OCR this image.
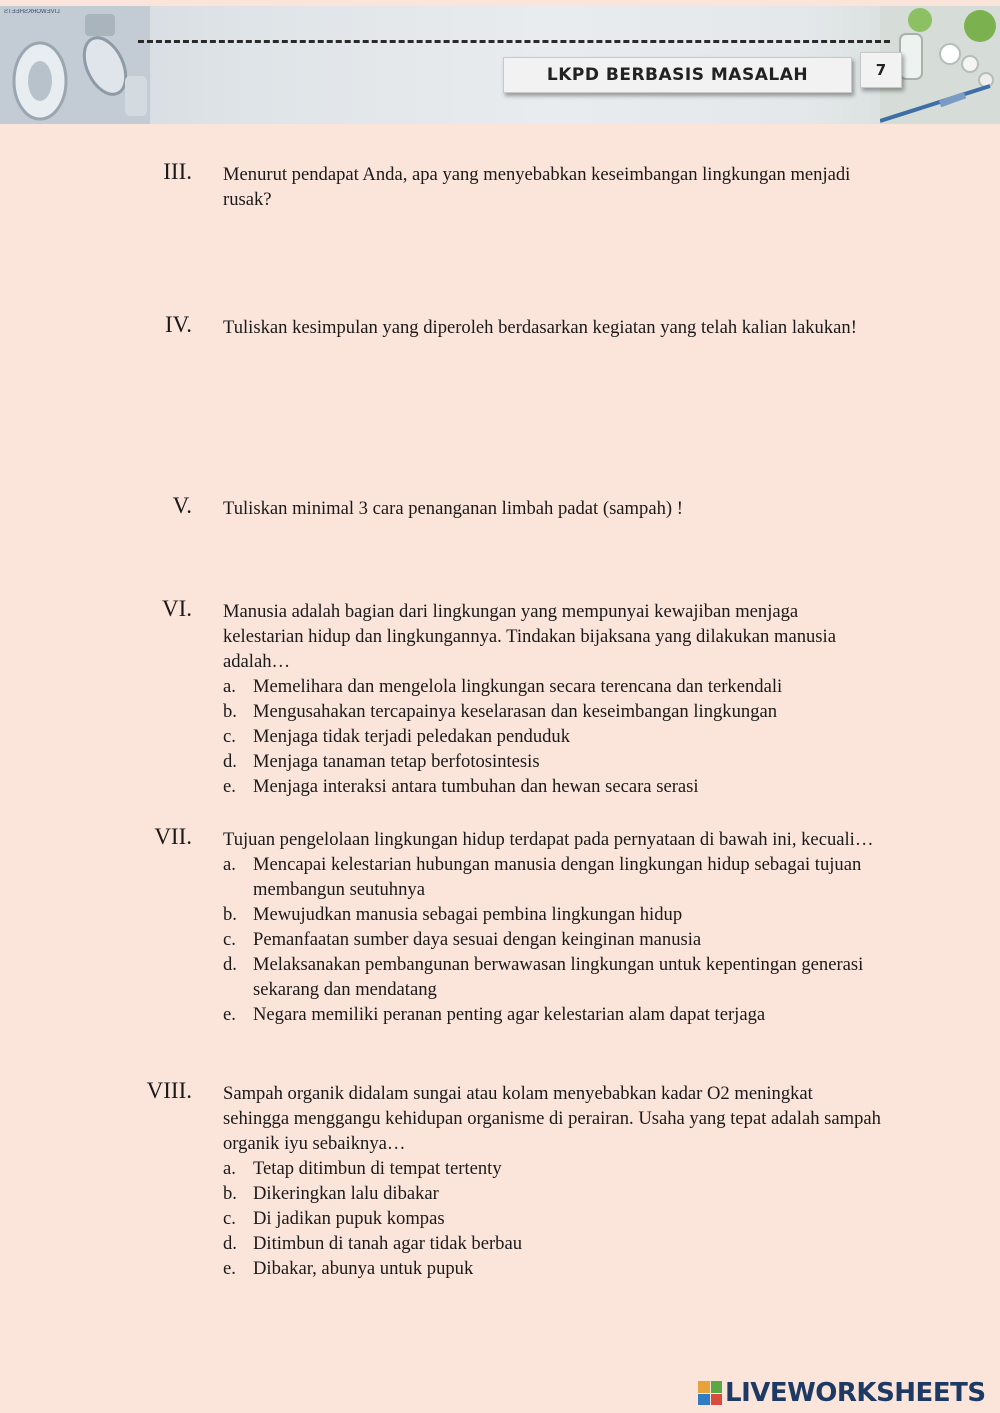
LIVEWORKSHEETS
LKPD BERBASIS MASALAH	7
III. Menurut pendapat Anda, apa yang menyebabkan keseimbangan lingkungan menjadi rusak?
IV. Tuliskan kesimpulan yang diperoleh berdasarkan kegiatan yang telah kalian lakukan!
V. Tuliskan minimal 3 cara penanganan limbah padat (sampah) !
VI. Manusia adalah bagian dari lingkungan yang mempunyai kewajiban menjaga kelestarian hidup dan lingkungannya. Tindakan bijaksana yang dilakukan manusia adalah…
a. Memelihara dan mengelola lingkungan secara terencana dan terkendali
b. Mengusahakan tercapainya keselarasan dan keseimbangan lingkungan
c. Menjaga tidak terjadi peledakan penduduk
d. Menjaga tanaman tetap berfotosintesis
e. Menjaga interaksi antara tumbuhan dan hewan secara serasi
VII. Tujuan pengelolaan lingkungan hidup terdapat pada pernyataan di bawah ini, kecuali…
a. Mencapai kelestarian hubungan manusia dengan lingkungan hidup sebagai tujuan membangun seutuhnya
b. Mewujudkan manusia sebagai pembina lingkungan hidup
c. Pemanfaatan sumber daya sesuai dengan keinginan manusia
d. Melaksanakan pembangunan berwawasan lingkungan untuk kepentingan generasi sekarang dan mendatang
e. Negara memiliki peranan penting agar kelestarian alam dapat terjaga
VIII. Sampah organik didalam sungai atau kolam menyebabkan kadar O2 meningkat sehingga menggangu kehidupan organisme di perairan. Usaha yang tepat adalah sampah organik iyu sebaiknya…
a. Tetap ditimbun di tempat tertenty
b. Dikeringkan lalu dibakar
c. Di jadikan pupuk kompas
d. Ditimbun di tanah agar tidak berbau
e. Dibakar, abunya untuk pupuk
LIVEWORKSHEETS
